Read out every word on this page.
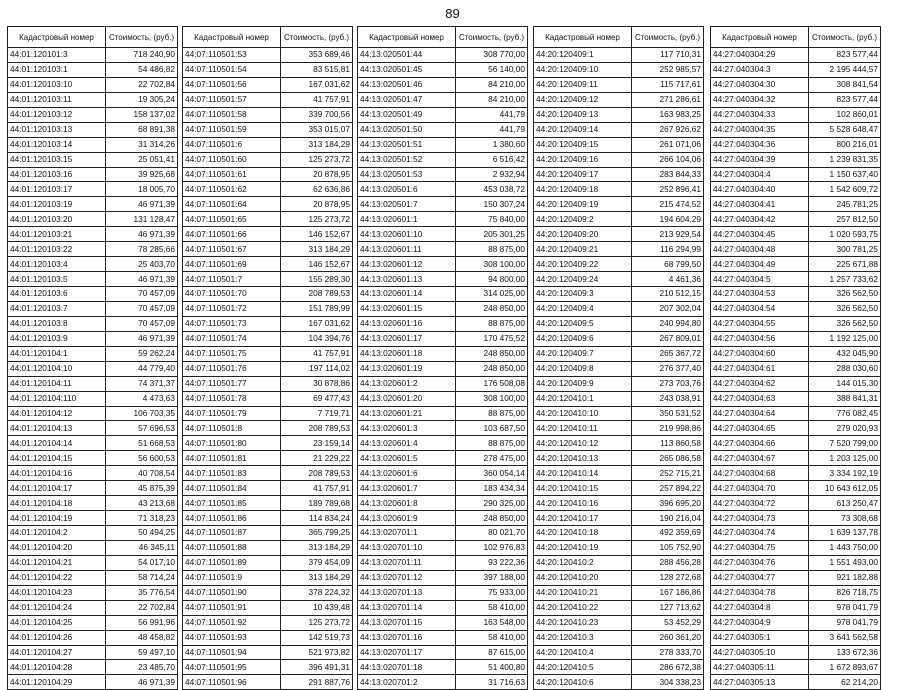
89
Кадастровый номер	Стоимость, (руб.)
44:01:120101:3	718 240,90
44:01:120103:1	54 486,82
44:01:120103:10	22 702,84
44:01:120103:11	19 305,24
44:01:120103:12	158 137,02
44:01:120103:13	68 891,38
44:01:120103:14	31 314,26
44:01:120103:15	25 051,41
44:01:120103:16	39 925,68
44:01:120103:17	18 005,70
44:01:120103:19	46 971,39
44:01:120103:20	131 128,47
44:01:120103:21	46 971,39
44:01:120103:22	78 285,66
44:01:120103:4	25 403,70
44:01:120103:5	46 971,39
44:01:120103:6	70 457,09
44:01:120103:7	70 457,09
44:01:120103:8	70 457,09
44:01:120103:9	46 971,39
44:01:120104:1	59 262,24
44:01:120104:10	44 779,40
44:01:120104:11	74 371,37
44:01:120104:110	4 473,63
44:01:120104:12	106 703,35
44:01:120104:13	57 696,53
44:01:120104:14	51 668,53
44:01:120104:15	56 600,53
44:01:120104:16	40 708,54
44:01:120104:17	45 875,39
44:01:120104:18	43 213,68
44:01:120104:19	71 318,23
44:01:120104:2	50 494,25
44:01:120104:20	46 345,11
44:01:120104:21	54 017,10
44:01:120104:22	58 714,24
44:01:120104:23	35 776,54
44:01:120104:24	22 702,84
44:01:120104:25	56 991,96
44:01:120104:26	48 458,82
44:01:120104:27	59 497,10
44:01:120104:28	23 485,70
44:01:120104:29	46 971,39
Кадастровый номер	Стоимость, (руб.)
44:07:110501:53	353 689,46
44:07:110501:54	83 515,81
44:07:110501:56	167 031,62
44:07:110501:57	41 757,91
44:07:110501:58	339 700,56
44:07:110501:59	353 015,07
44:07:110501:6	313 184,29
44:07:110501:60	125 273,72
44:07:110501:61	20 878,95
44:07:110501:62	62 636,86
44:07:110501:64	20 878,95
44:07:110501:65	125 273,72
44:07:110501:66	146 152,67
44:07:110501:67	313 184,29
44:07:110501:69	146 152,67
44:07:110501:7	155 289,30
44:07:110501:70	208 789,53
44:07:110501:72	151 789,99
44:07:110501:73	167 031,62
44:07:110501:74	104 394,76
44:07:110501:75	41 757,91
44:07:110501:76	197 114,02
44:07:110501:77	30 878,86
44:07:110501:78	69 477,43
44:07:110501:79	7 719,71
44:07:110501:8	208 789,53
44:07:110501:80	23 159,14
44:07:110501:81	21 229,22
44:07:110501:83	208 789,53
44:07:110501:84	41 757,91
44:07:110501:85	189 789,68
44:07:110501:86	114 834,24
44:07:110501:87	365 799,25
44:07:110501:88	313 184,29
44:07:110501:89	379 454,09
44:07:110501:9	313 184,29
44:07:110501:90	378 224,32
44:07:110501:91	10 439,48
44:07:110501:92	125 273,72
44:07:110501:93	142 519,73
44:07:110501:94	521 973,82
44:07:110501:95	396 491,31
44:07:110501:96	291 887,76
Кадастровый номер	Стоимость, (руб.)
44:13:020501:44	308 770,00
44:13:020501:45	56 140,00
44:13:020501:46	84 210,00
44:13:020501:47	84 210,00
44:13:020501:49	441,79
44:13:020501:50	441,79
44:13:020501:51	1 380,60
44:13:020501:52	6 516,42
44:13:020501:53	2 932,94
44:13:020501:6	453 038,72
44:13:020501:7	150 307,24
44:13:020601:1	75 840,00
44:13:020601:10	205 301,25
44:13:020601:11	88 875,00
44:13:020601:12	308 100,00
44:13:020601:13	94 800,00
44:13:020601:14	314 025,00
44:13:020601:15	248 850,00
44:13:020601:16	88 875,00
44:13:020601:17	170 475,52
44:13:020601:18	248 850,00
44:13:020601:19	248 850,00
44:13:020601:2	176 508,08
44:13:020601:20	308 100,00
44:13:020601:21	88 875,00
44:13:020601:3	103 687,50
44:13:020601:4	88 875,00
44:13:020601:5	278 475,00
44:13:020601:6	360 054,14
44:13:020601:7	183 434,34
44:13:020601:8	290 325,00
44:13:020601:9	248 850,00
44:13:020701:1	80 021,70
44:13:020701:10	102 976,83
44:13:020701:11	93 222,36
44:13:020701:12	397 188,00
44:13:020701:13	75 933,00
44:13:020701:14	58 410,00
44:13:020701:15	163 548,00
44:13:020701:16	58 410,00
44:13:020701:17	87 615,00
44:13:020701:18	51 400,80
44:13:020701:2	31 716,63
Кадастровый номер	Стоимость, (руб.)
44:20:120409:1	117 710,31
44:20:120409:10	252 985,57
44:20:120409:11	115 717,61
44:20:120409:12	271 286,61
44:20:120409:13	163 983,25
44:20:120409:14	267 926,62
44:20:120409:15	261 071,06
44:20:120409:16	266 104,06
44:20:120409:17	283 844,33
44:20:120409:18	252 896,41
44:20:120409:19	215 474,52
44:20:120409:2	194 604,29
44:20:120409:20	213 929,54
44:20:120409:21	116 294,99
44:20:120409:22	68 799,50
44:20:120409:24	4 461,36
44:20:120409:3	210 512,15
44:20:120409:4	207 302,04
44:20:120409:5	240 994,80
44:20:120409:6	267 809,01
44:20:120409:7	265 367,72
44:20:120409:8	276 377,40
44:20:120409:9	273 703,76
44:20:120410:1	243 038,91
44:20:120410:10	350 531,52
44:20:120410:11	219 998,86
44:20:120410:12	113 860,58
44:20:120410:13	265 086,58
44:20:120410:14	252 715,21
44:20:120410:15	257 894,22
44:20:120410:16	396 695,20
44:20:120410:17	190 216,04
44:20:120410:18	492 359,69
44:20:120410:19	105 752,90
44:20:120410:2	288 456,28
44:20:120410:20	128 272,68
44:20:120410:21	167 186,86
44:20:120410:22	127 713,62
44:20:120410:23	53 452,29
44:20:120410:3	260 361,20
44:20:120410:4	278 333,70
44:20:120410:5	286 672,38
44:20:120410:6	304 338,23
Кадастровый номер	Стоимость, (руб.)
44:27:040304:29	823 577,44
44:27:040304:3	2 195 444,57
44:27:040304:30	308 841,54
44:27:040304:32	823 577,44
44:27:040304:33	102 860,01
44:27:040304:35	5 528 648,47
44:27:040304:36	800 216,01
44:27:040304:39	1 239 831,35
44:27:040304:4	1 150 637,40
44:27:040304:40	1 542 609,72
44:27:040304:41	245 781,25
44:27:040304:42	257 812,50
44:27:040304:45	1 020 593,75
44:27:040304:48	300 781,25
44:27:040304:49	225 671,88
44:27:040304:5	1 257 733,62
44:27:040304:53	326 562,50
44:27:040304:54	326 562,50
44:27:040304:55	326 562,50
44:27:040304:56	1 192 125,00
44:27:040304:60	432 045,90
44:27:040304:61	288 030,60
44:27:040304:62	144 015,30
44:27:040304:63	388 841,31
44:27:040304:64	776 082,45
44:27:040304:65	279 020,93
44:27:040304:66	7 520 799,00
44:27:040304:67	1 203 125,00
44:27:040304:68	3 334 192,19
44:27:040304:70	10 643 612,05
44:27:040304:72	613 250,47
44:27:040304:73	73 308,68
44:27:040304:74	1 639 137,78
44:27:040304:75	1 443 750,00
44:27:040304:76	1 551 493,00
44:27:040304:77	921 182,88
44:27:040304:78	826 718,75
44:27:040304:8	978 041,79
44:27:040304:9	978 041,79
44:27:040305:1	3 641 562,58
44:27:040305:10	133 672,36
44:27:040305:11	1 672 893,67
44:27:040305:13	62 214,20
